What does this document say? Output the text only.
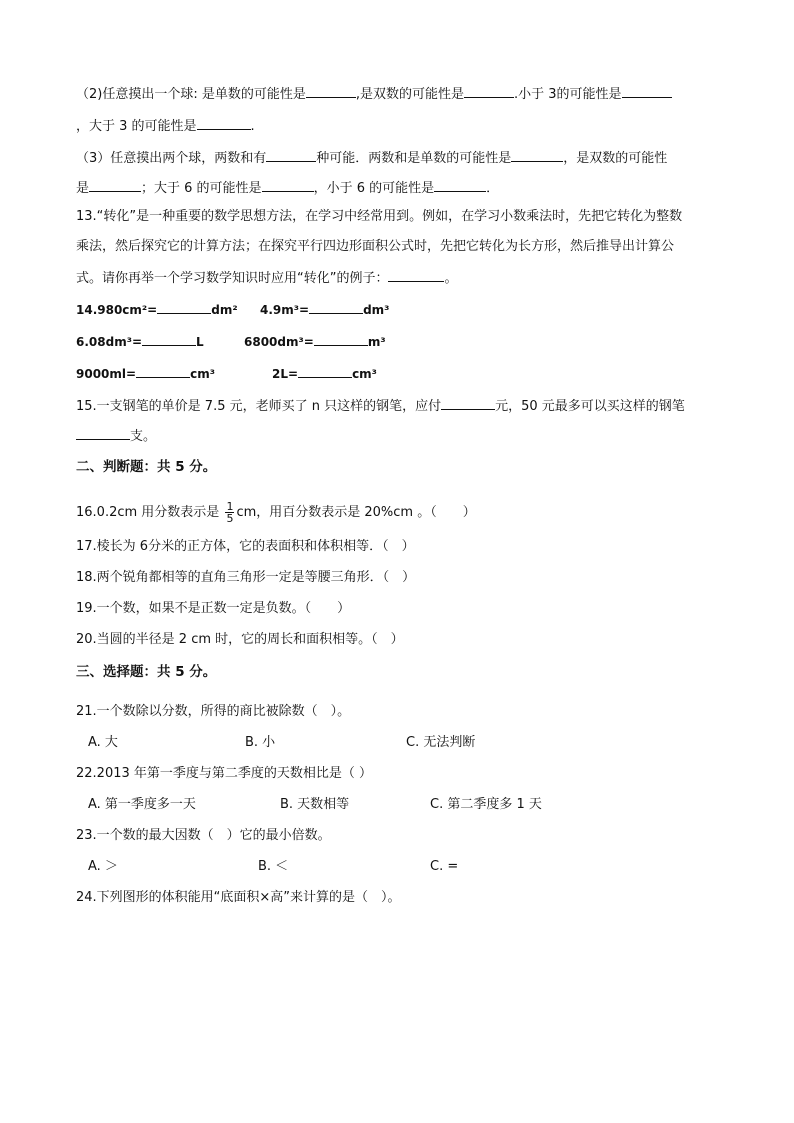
（2)任意摸出一个球: 是单数的可能性是	,是双数的可能性是	.小于 3的可能性是
，大于 3 的可能性是	.
（3）任意摸出两个球，两数和有	种可能．两数和是单数的可能性是	，是双数的可能性
是	；大于 6 的可能性是	，小于 6 的可能性是	．
13.“转化”是一种重要的数学思想方法，在学习中经常用到。例如，在学习小数乘法时，先把它转化为整数
乘法，然后探究它的计算方法；在探究平行四边形面积公式时，先把它转化为长方形，然后推导出计算公
式。请你再举一个学习数学知识时应用“转化”的例子：	。
14.980cm²=	dm² 4.9m³=	dm³
6.08dm³=	L	6800dm³=	m³
9000ml=	cm³	2L=	cm³
15.一支钢笔的单价是 7.5 元，老师买了 n 只这样的钢笔，应付	元，50 元最多可以买这样的钢笔
支。
二、判断题：共 5 分。
16.0.2cm 用分数表示是 $\frac{1}{5}$ cm，用百分数表示是 20%cm 。（　　）
17.棱长为 6分米的正方体，它的表面积和体积相等．（　）
18.两个锐角都相等的直角三角形一定是等腰三角形．（　）
19.一个数，如果不是正数一定是负数。（　　）
20.当圆的半径是 2 cm 时，它的周长和面积相等。（　）
三、选择题：共 5 分。
21.一个数除以分数，所得的商比被除数（　）。
A. 大	B. 小	C. 无法判断
22.2013 年第一季度与第二季度的天数相比是（ ）
A. 第一季度多一天	B. 天数相等	C. 第二季度多 1 天
23.一个数的最大因数（　）它的最小倍数。
A. ＞	B. ＜	C. =
24.下列图形的体积能用“底面积×高”来计算的是（　）。
